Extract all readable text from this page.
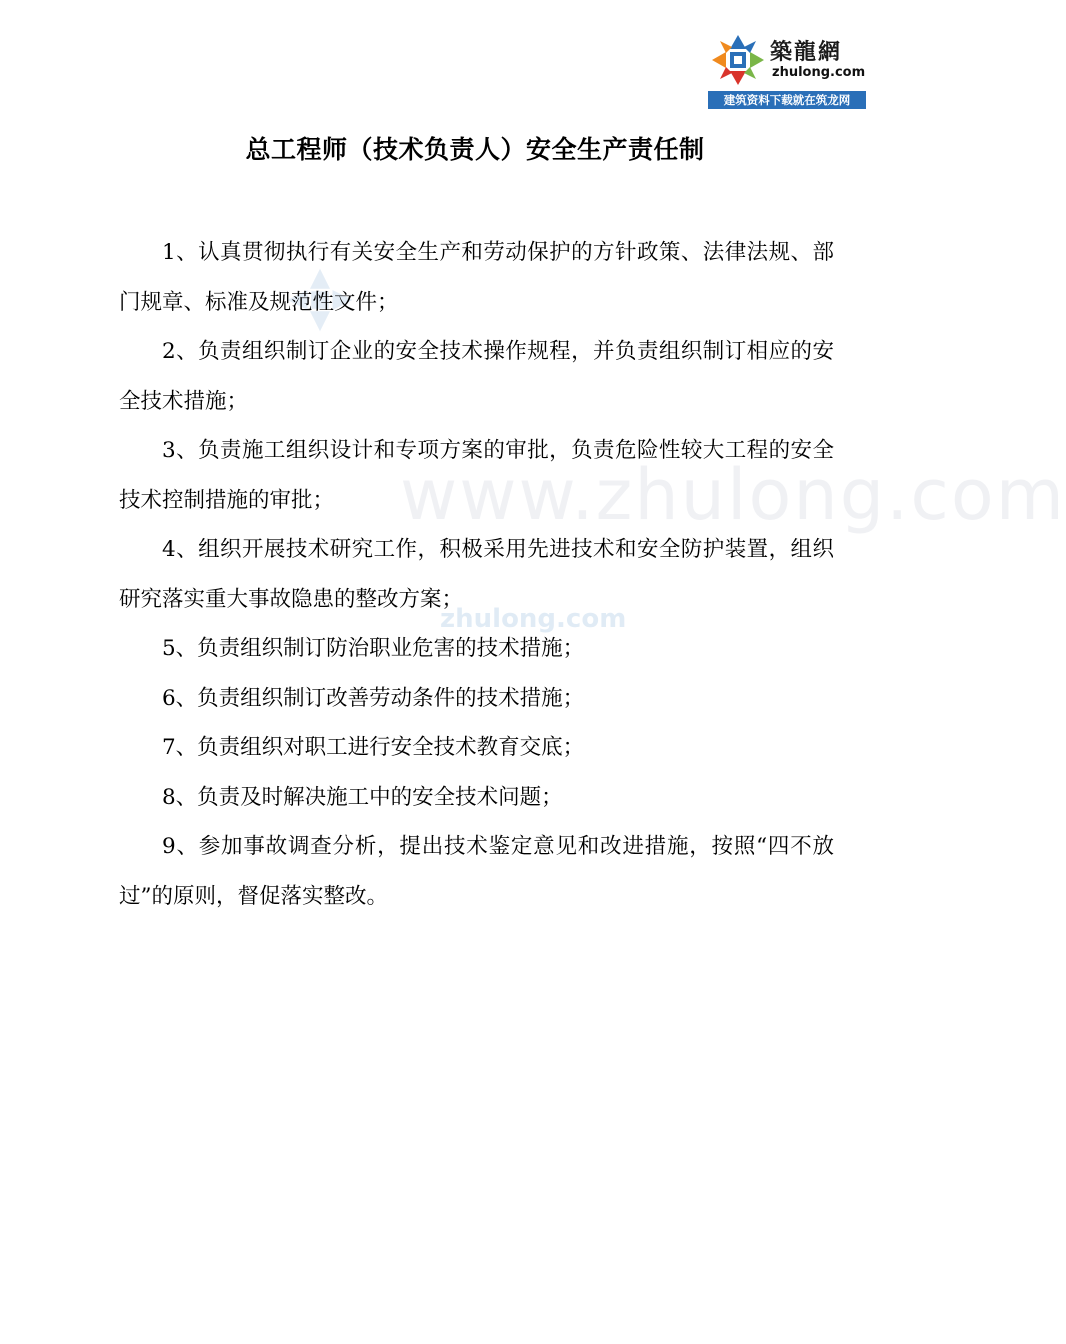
www.zhulong.com
zhulong.com
築龍網
zhulong.com
建筑资料下载就在筑龙网
总工程师（技术负责人）安全生产责任制

1、认真贯彻执行有关安全生产和劳动保护的方针政策、法律法规、部门规章、标准及规范性文件；

2、负责组织制订企业的安全技术操作规程，并负责组织制订相应的安全技术措施；

3、负责施工组织设计和专项方案的审批，负责危险性较大工程的安全技术控制措施的审批；

4、组织开展技术研究工作，积极采用先进技术和安全防护装置，组织研究落实重大事故隐患的整改方案；

5、负责组织制订防治职业危害的技术措施；

6、负责组织制订改善劳动条件的技术措施；

7、负责组织对职工进行安全技术教育交底；

8、负责及时解决施工中的安全技术问题；

9、参加事故调查分析，提出技术鉴定意见和改进措施，按照“四不放过”的原则，督促落实整改。
